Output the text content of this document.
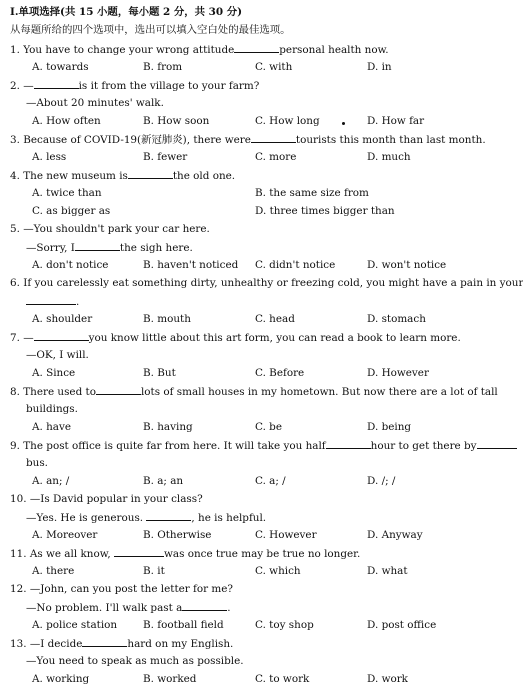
Ⅰ.单项选择(共 15 小题，每小题 2 分，共 30 分)
从每题所给的四个选项中，选出可以填入空白处的最佳选项。
1. You have to change your wrong attitude	personal health now.
A. towards	B. from	C. with	D. in
2. —	is it from the village to your farm?
—About 20 minutes' walk.
A. How often	B. How soon	C. How long	D. How far
3. Because of COVID-19(新冠肺炎), there were	tourists this month than last month.
A. less	B. fewer	C. more	D. much
4. The new museum is	the old one.
A. twice than	B. the same size from
C. as bigger as	D. three times bigger than
5. —You shouldn't park your car here.
—Sorry, I	the sigh here.
A. don't notice	B. haven't noticed C. didn't notice	D. won't notice
6. If you carelessly eat something dirty, unhealthy or freezing cold, you might have a pain in your
.
A. shoulder	B. mouth	C. head	D. stomach
7. —	you know little about this art form, you can read a book to learn more.
—OK, I will.
A. Since	B. But	C. Before	D. However
8. There used to	lots of small houses in my hometown. But now there are a lot of tall
buildings.
A. have	B. having	C. be	D. being
9. The post office is quite far from here. It will take you half	hour to get there by
bus.
A. an; /	B. a; an	C. a; /	D. /; /
10. —Is David popular in your class?
—Yes. He is generous.	, he is helpful.
A. Moreover	B. Otherwise	C. However	D. Anyway
11. As we all know,	was once true may be true no longer.
A. there	B. it	C. which	D. what
12. —John, can you post the letter for me?
—No problem. I'll walk past a	.
A. police station B. football field	C. toy shop	D. post office
13. —I decide	hard on my English.
—You need to speak as much as possible.
A. working	B. worked	C. to work	D. work
